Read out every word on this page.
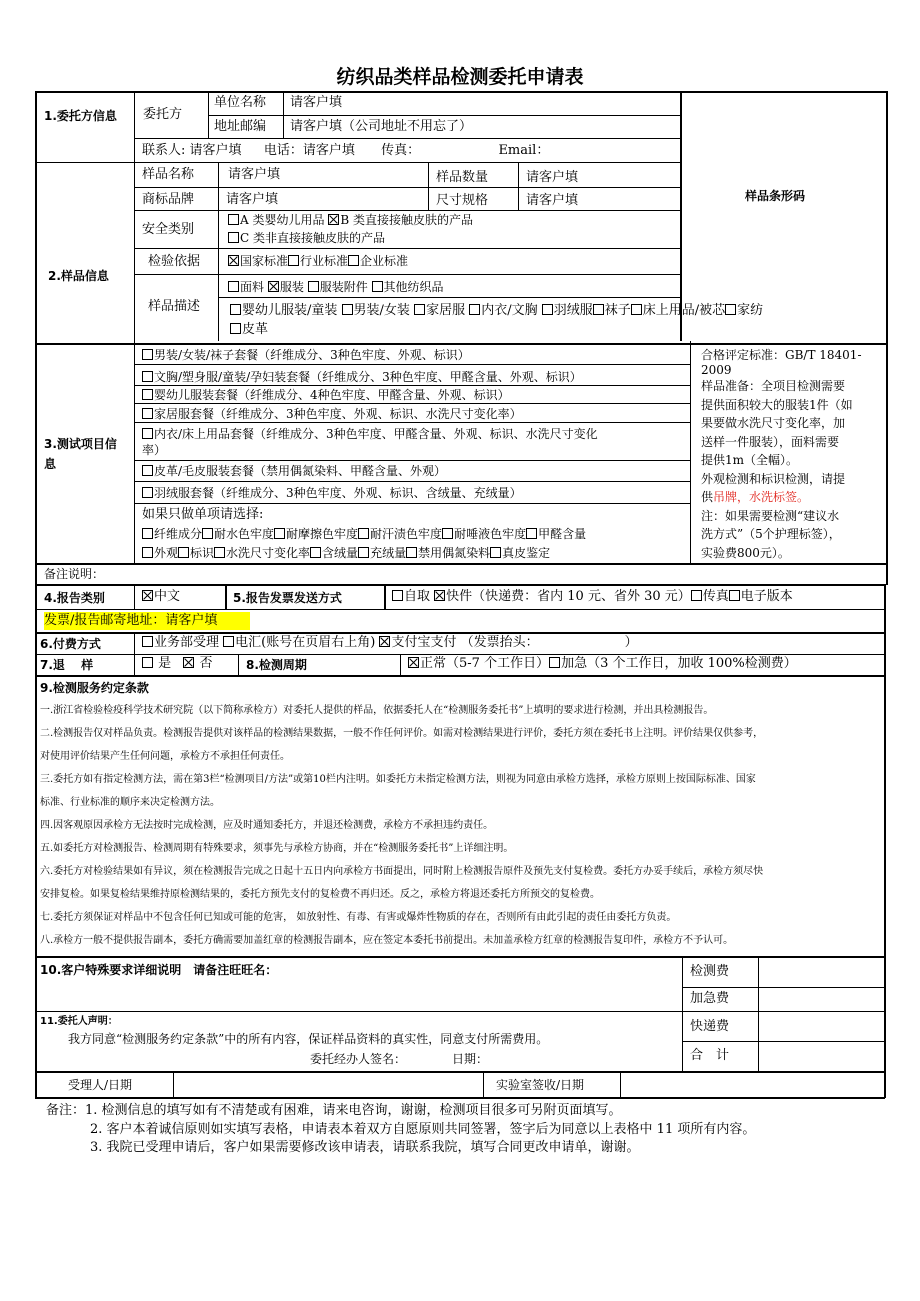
纺织品类样品检测委托申请表
样品条形码
1.委托方信息	委托方
单位名称 请客户填
地址邮编 请客户填（公司地址不用忘了）
联系人: 请客户填 电话：请客户填 传真：	Email：
2.样品信息
样品名称	请客户填	样品数量	请客户填
商标品牌 请客户填	尺寸规格	请客户填
安全类别
A 类婴幼儿用品 B 类直接接触皮肤的产品
C 类非直接接触皮肤的产品
检验依据	国家标准 行业标准 企业标准
样品描述
面料 服装 服装附件 其他纺织品
婴幼儿服装/童装 男装/女装 家居服 内衣/文胸 羽绒服 袜子 床上用品/被芯 家纺
皮革
3.测试项目信息
男装/女装/袜子套餐（纤维成分、3种色牢度、外观、标识）
文胸/塑身服/童装/孕妇装套餐（纤维成分、3种色牢度、甲醛含量、外观、标识）
婴幼儿服装套餐（纤维成分、4种色牢度、甲醛含量、外观、标识）
家居服套餐（纤维成分、3种色牢度、外观、标识、水洗尺寸变化率）
内衣/床上用品套餐（纤维成分、3种色牢度、甲醛含量、外观、标识、水洗尺寸变化
率）
皮革/毛皮服装套餐（禁用偶氮染料、甲醛含量、外观）
羽绒服套餐（纤维成分、3种色牢度、外观、标识、含绒量、充绒量）
如果只做单项请选择:
纤维成分 耐水色牢度 耐摩擦色牢度 耐汗渍色牢度 耐唾液色牢度 甲醛含量
外观 标识 水洗尺寸变化率 含绒量 充绒量 禁用偶氮染料 真皮鉴定
合格评定标准：GB/T 18401-
2009
样品准备：全项目检测需要
提供面积较大的服装1件（如
果要做水洗尺寸变化率，加
送样一件服装），面料需要
提供1m（全幅）。
外观检测和标识检测，请提
供吊牌，水洗标签。
注：如果需要检测“建议水
洗方式”（5个护理标签），
实验费800元）。
备注说明：
4.报告类别	中文	5.报告发票发送方式	自取 快件（快递费：省内 10 元、省外 30 元） 传真 电子版本
发票/报告邮寄地址：请客户填
6.付费方式	业务部受理 电汇(账号在页眉右上角) 支付宝支付 （发票抬头：	）
7.退　 样	是 否	8.检测周期	正常（5-7 个工作日） 加急（3 个工作日，加收 100%检测费）
9.检测服务约定条款
一.浙江省检验检疫科学技术研究院（以下简称承检方）对委托人提供的样品，依据委托人在“检测服务委托书”上填明的要求进行检测，并出具检测报告。
二.检测报告仅对样品负责。检测报告提供对该样品的检测结果数据，一般不作任何评价。如需对检测结果进行评价，委托方须在委托书上注明。评价结果仅供参考，
对使用评价结果产生任何问题，承检方不承担任何责任。
三.委托方如有指定检测方法，需在第3栏“检测项目/方法”或第10栏内注明。如委托方未指定检测方法，则视为同意由承检方选择，承检方原则上按国际标准、国家
标准、行业标准的顺序来决定检测方法。
四.因客观原因承检方无法按时完成检测，应及时通知委托方，并退还检测费，承检方不承担违约责任。
五.如委托方对检测报告、检测周期有特殊要求，须事先与承检方协商，并在“检测服务委托书”上详细注明。
六.委托方对检验结果如有异议，须在检测报告完成之日起十五日内向承检方书面提出，同时附上检测报告原件及预先支付复检费。委托方办妥手续后，承检方须尽快
安排复检。如果复检结果维持原检测结果的，委托方预先支付的复检费不再归还。反之，承检方将退还委托方所预交的复检费。
七.委托方须保证对样品中不包含任何已知或可能的危害， 如放射性、有毒、有害或爆炸性物质的存在，否则所有由此引起的责任由委托方负责。
八.承检方一般不提供报告副本，委托方确需要加盖红章的检测报告副本，应在签定本委托书前提出。未加盖承检方红章的检测报告复印件，承检方不予认可。
10.客户特殊要求详细说明　请备注旺旺名：
11.委托人声明：
我方同意“检测服务约定条款”中的所有内容，保证样品资料的真实性，同意支付所需费用。
委托经办人签名：	日期：
检测费
加急费
快递费
合　计
受理人/日期	实验室签收/日期
备注：1. 检测信息的填写如有不清楚或有困难，请来电咨询，谢谢，检测项目很多可另附页面填写。
2. 客户本着诚信原则如实填写表格，申请表本着双方自愿原则共同签署，签字后为同意以上表格中 11 项所有内容。
3. 我院已受理申请后，客户如果需要修改该申请表，请联系我院，填写合同更改申请单，谢谢。
